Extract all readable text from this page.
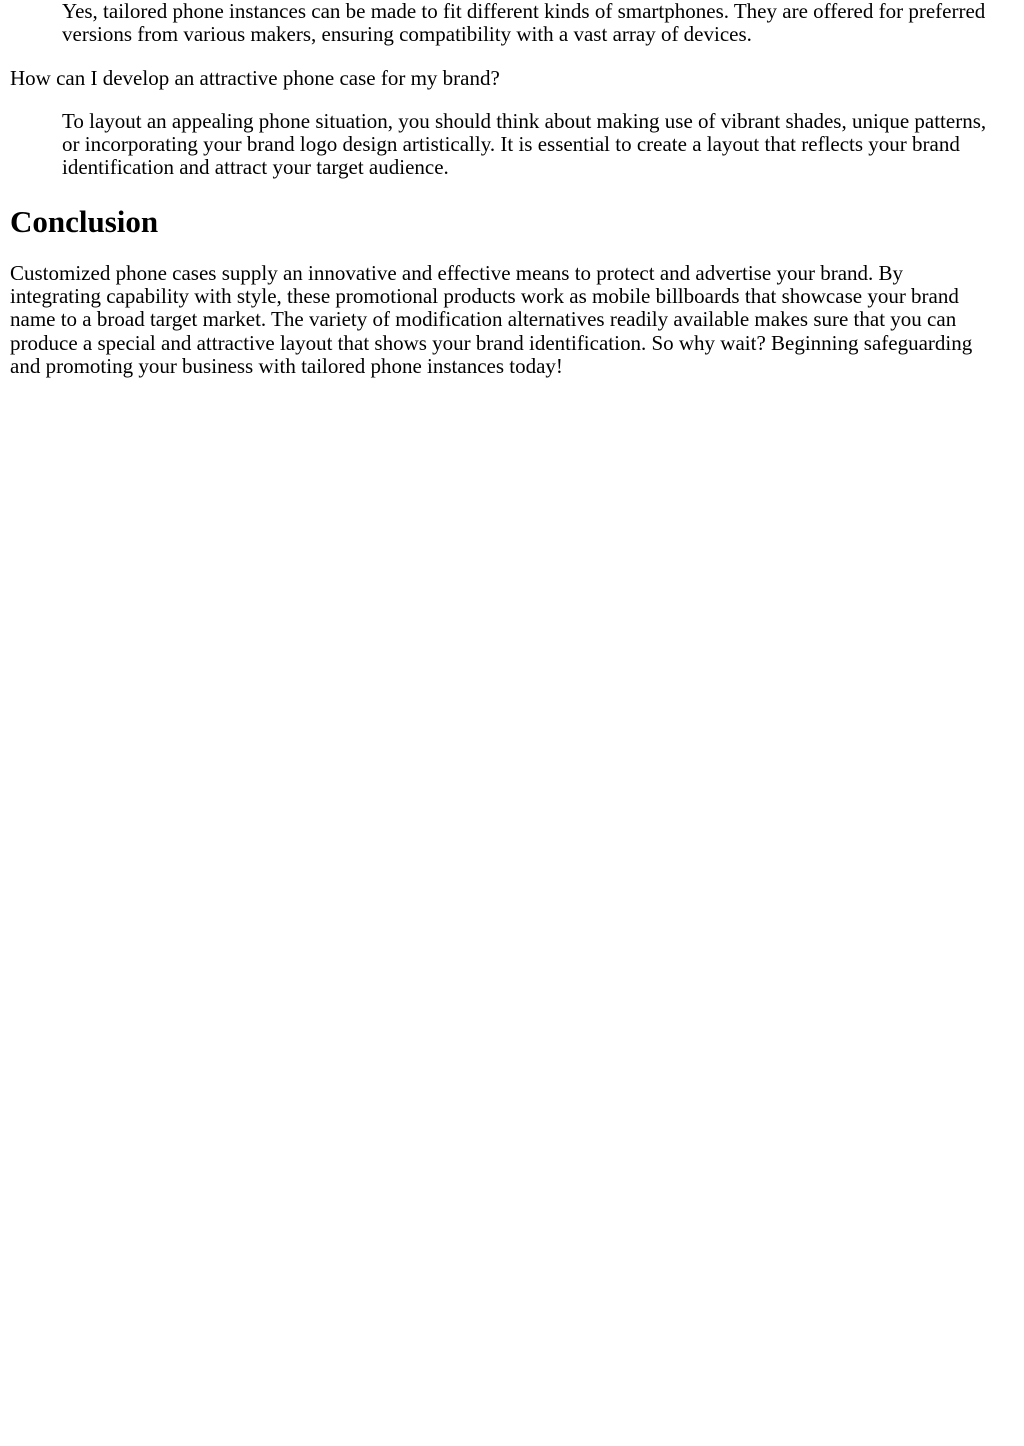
Yes, tailored phone instances can be made to fit different kinds of smartphones. They are offered for preferred versions from various makers, ensuring compatibility with a vast array of devices.

How can I develop an attractive phone case for my brand?

To layout an appealing phone situation, you should think about making use of vibrant shades, unique patterns, or incorporating your brand logo design artistically. It is essential to create a layout that reflects your brand identification and attract your target audience.

Conclusion

Customized phone cases supply an innovative and effective means to protect and advertise your brand. By integrating capability with style, these promotional products work as mobile billboards that showcase your brand name to a broad target market. The variety of modification alternatives readily available makes sure that you can produce a special and attractive layout that shows your brand identification. So why wait? Beginning safeguarding and promoting your business with tailored phone instances today!
